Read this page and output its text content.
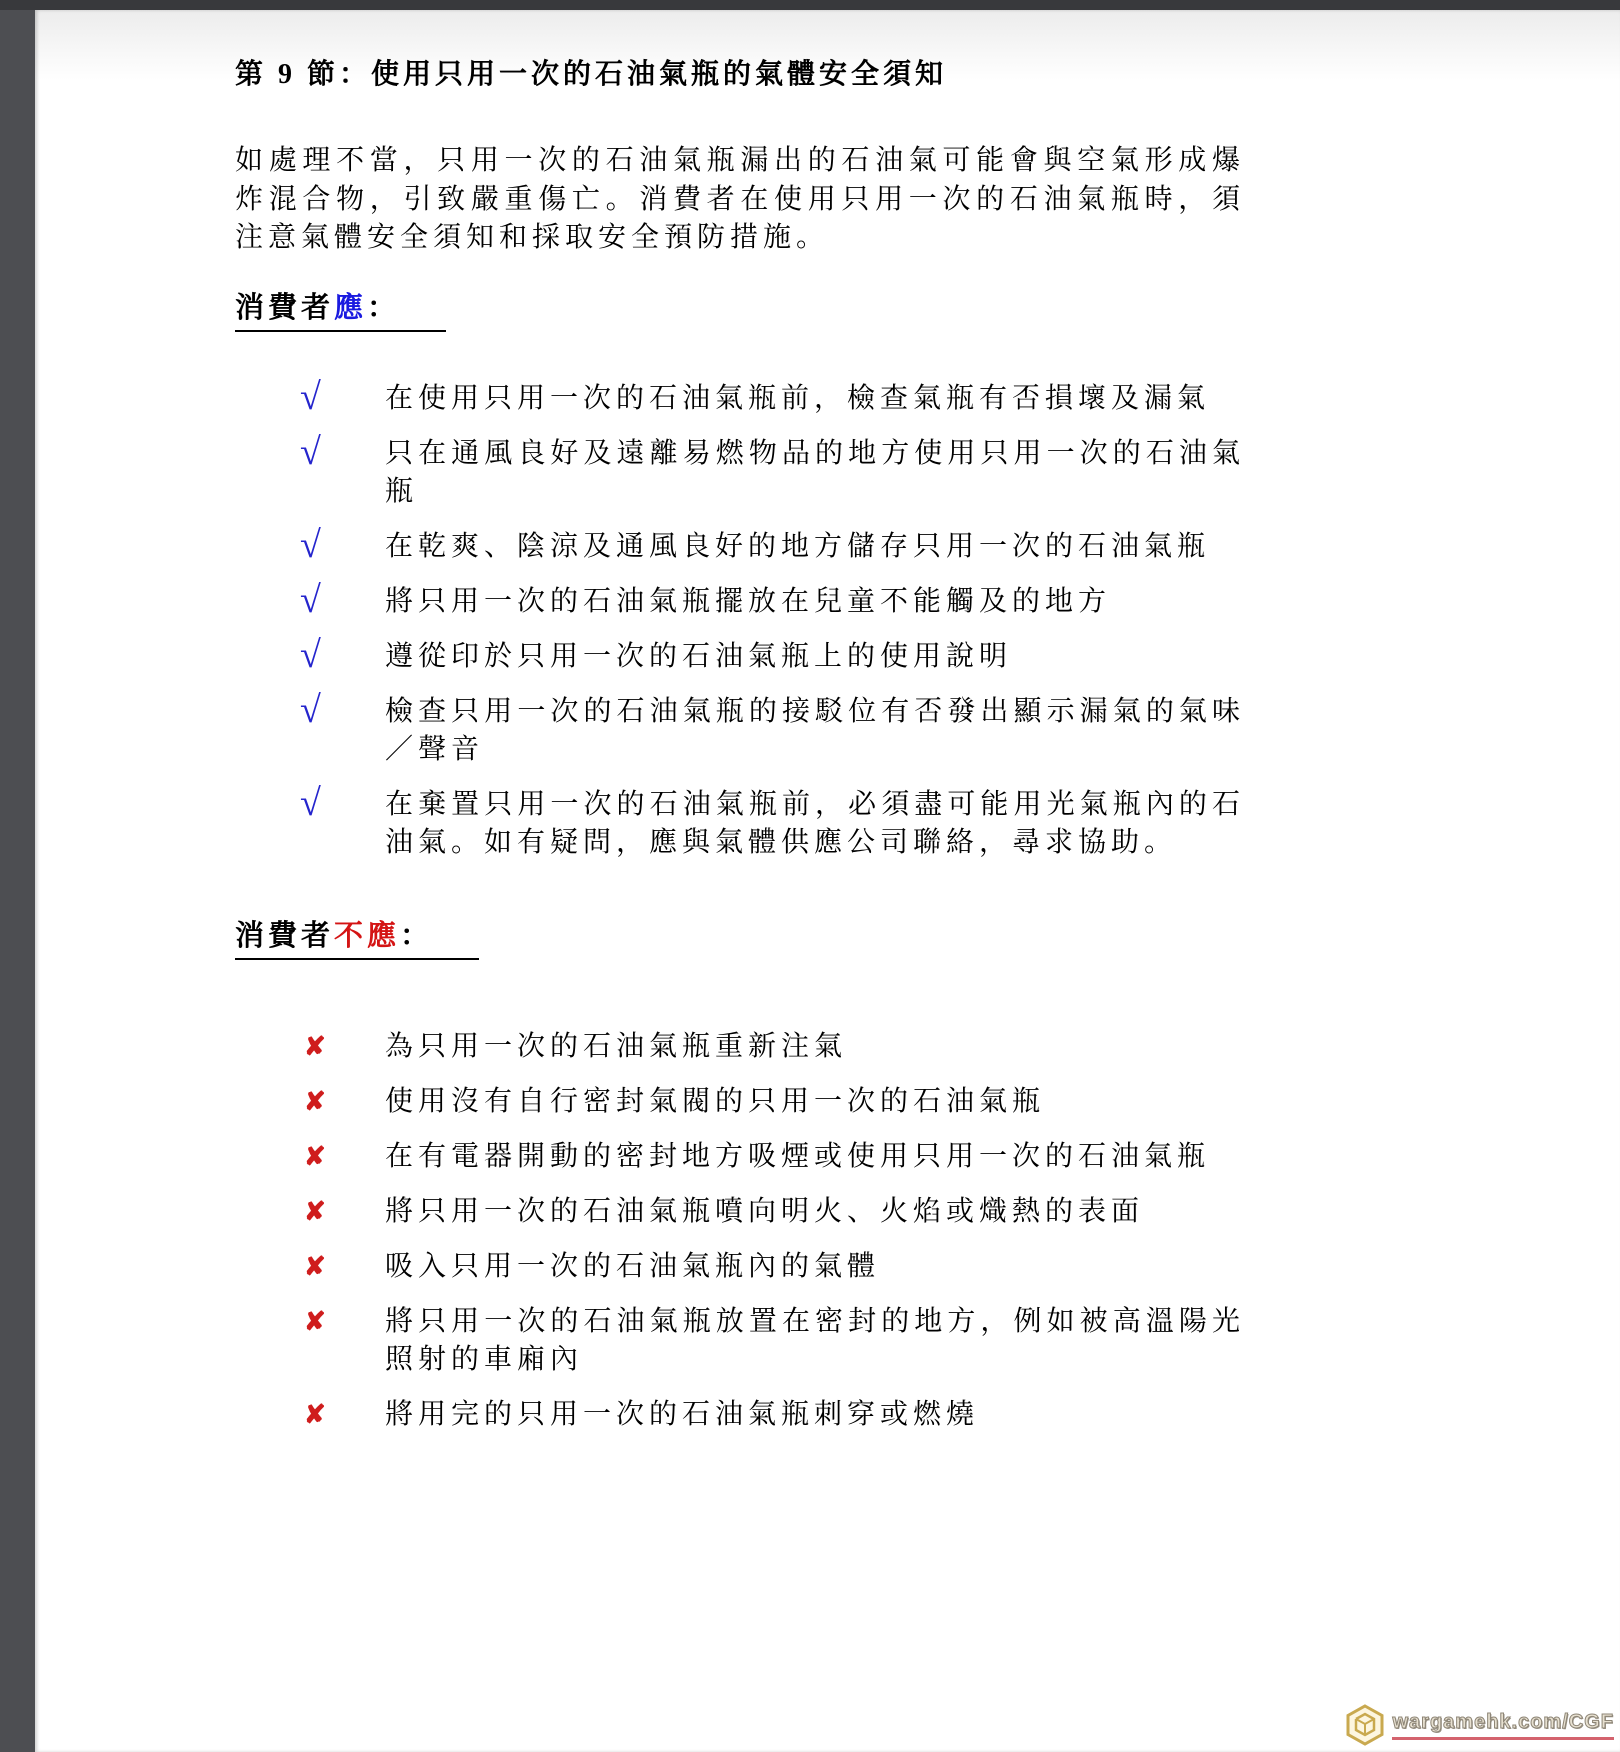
第 9 節：使用只用一次的石油氣瓶的氣體安全須知
如處理不當，只用一次的石油氣瓶漏出的石油氣可能會與空氣形成爆炸混合物，引致嚴重傷亡。消費者在使用只用一次的石油氣瓶時，須注意氣體安全須知和採取安全預防措施。
消費者應：
√	在使用只用一次的石油氣瓶前，檢查氣瓶有否損壞及漏氣
√	只在通風良好及遠離易燃物品的地方使用只用一次的石油氣瓶
√	在乾爽、陰涼及通風良好的地方儲存只用一次的石油氣瓶
√	將只用一次的石油氣瓶擺放在兒童不能觸及的地方
√	遵從印於只用一次的石油氣瓶上的使用說明
√	檢查只用一次的石油氣瓶的接駁位有否發出顯示漏氣的氣味／聲音
√	在棄置只用一次的石油氣瓶前，必須盡可能用光氣瓶內的石油氣。如有疑問，應與氣體供應公司聯絡，尋求協助。
消費者不應：
✘	為只用一次的石油氣瓶重新注氣
✘	使用沒有自行密封氣閥的只用一次的石油氣瓶
✘	在有電器開動的密封地方吸煙或使用只用一次的石油氣瓶
✘	將只用一次的石油氣瓶噴向明火、火焰或熾熱的表面
✘	吸入只用一次的石油氣瓶內的氣體
✘	將只用一次的石油氣瓶放置在密封的地方，例如被高溫陽光照射的車廂內
✘	將用完的只用一次的石油氣瓶刺穿或燃燒
wargamehk.com/CGF
